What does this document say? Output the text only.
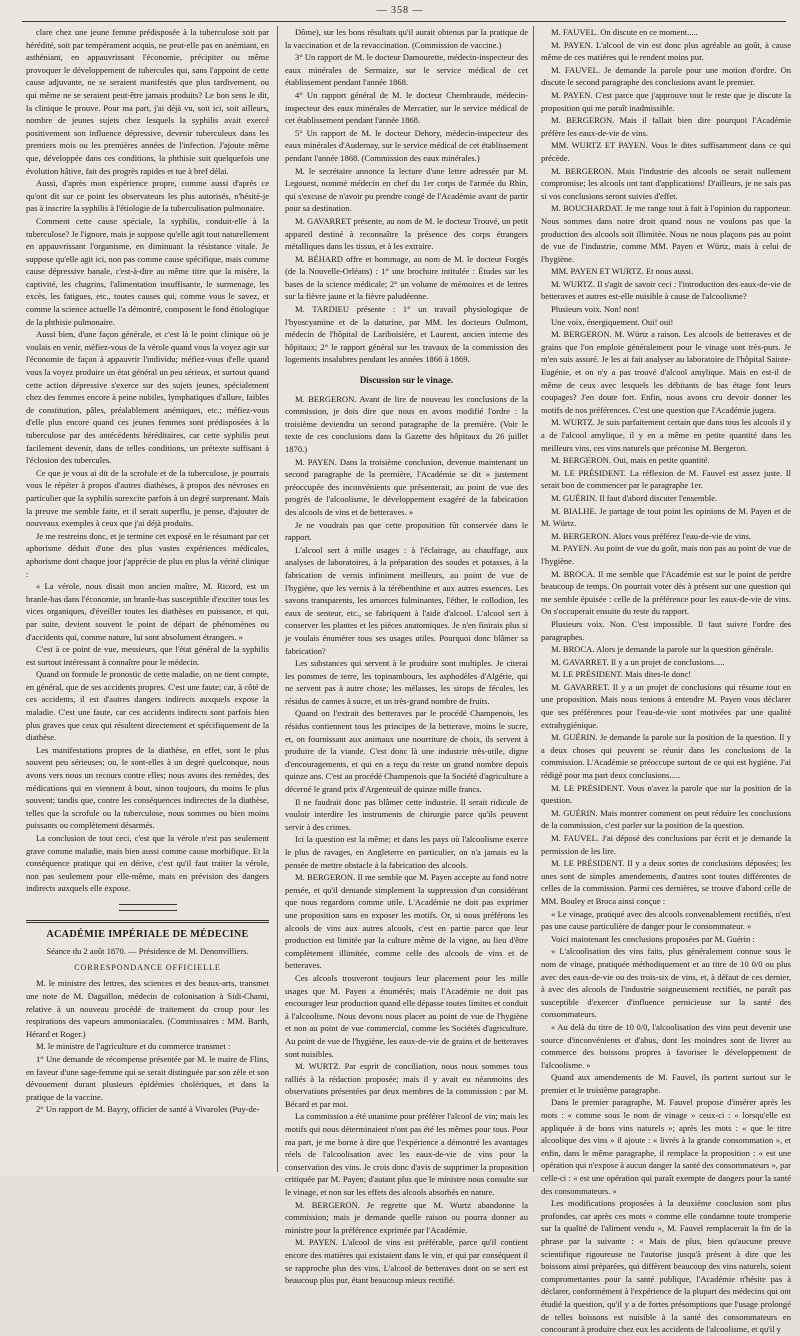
— 358 —

clare chez une jeune femme prédisposée à la tuberculose soit par hérédité, soit par tempérament acquis, ne peut-elle pas en anémiant, en asthéniant, en appauvrissant l'économie, précipiter ou même provoquer le développement de tubercules qui, sans l'appoint de cette cause adjuvante, ne se seraient manifestés que plus tardivement, ou qui même ne se seraient peut-être jamais produits? Le bon sens le dit, la clinique le prouve. Pour ma part, j'ai déjà vu, soit ici, soit ailleurs, nombre de jeunes sujets chez lesquels la syphilis avait exercé positivement son influence dépressive, devenir tuberculeux dans les premiers mois ou les premières années de l'infection. J'ajoute même que, développée dans ces conditions, la phthisie suit quelquefois une évolution hâtive, fait des progrès rapides et tue à bref délai.

Aussi, d'après mon expérience propre, comme aussi d'après ce qu'ont dit sur ce point les observateurs les plus autorisés, n'hésité-je pas à inscrire la syphilis à l'étiologie de la tuberculisation pulmonaire.

Comment cette cause spéciale, la syphilis, conduit-elle à la tuberculose? Je l'ignore, mais je suppose qu'elle agit tout naturellement en appauvrissant l'organisme, en diminuant la résistance vitale. Je suppose qu'elle agit ici, non pas comme cause spécifique, mais comme cause dépressive banale, c'est-à-dire au même titre que la misère, la captivité, les chagrins, l'alimentation insuffisante, le surmenage, les excès, les fatigues, etc., toutes causes qui, comme vous le savez, et comme la science actuelle l'a démontré, composent le fond étiologique de la phthisie pulmonaire.

Aussi bien, d'une façon générale, et c'est là le point clinique où je voulais en venir, méfiez-vous de la vérole quand vous la voyez agir sur l'économie de façon à appauvrir l'individu; méfiez-vous d'elle quand vous la voyez produire un état général un peu sérieux, et surtout quand cette action dépressive s'exerce sur des sujets jeunes, spécialement chez des femmes encore à peine nubiles, lymphatiques d'allure, faibles de constitution, pâles, préalablement anémiques, etc.; méfiez-vous d'elle plus encore quand ces jeunes femmes sont prédisposées à la tuberculose par des antécédents héréditaires, car cette syphilis peut facilement devenir, dans de telles conditions, un prétexte suffisant à l'éclosion des tubercules.

Ce que je vous ai dit de la scrofule et de la tuberculose, je pourrais vous le répéter à propos d'autres diathèses, à propos des névroses en particulier que la syphilis surexcite parfois à un degré surprenant. Mais la preuve me semble faite, et il serait superflu, je pense, d'ajouter de nouveaux exemples à ceux que j'ai déjà produits.

Je me restreins donc, et je termine cet exposé en le résumant par cet aphorisme déduit d'une des plus vastes expériences médicales, aphorisme dont chaque jour j'apprécie de plus en plus la vérité clinique :

« La vérole, nous disait mon ancien maître, M. Ricord, est un branle-bas dans l'économie, un branle-bas susceptible d'exciter tous les vices organiques, d'éveiller toutes les diathèses en puissance, et qui, par suite, devient souvent le point de départ de phénomènes ou d'accidents qui, comme nature, lui sont absolument étrangers. »

C'est à ce point de vue, messieurs, que l'état général de la syphilis est surtout intéressant à connaître pour le médecin.

Quand on formule le pronostic de cette maladie, on ne tient compte, en général, que de ses accidents propres. C'est une faute; car, à côté de ces accidents, il est d'autres dangers indirects auxquels expose la maladie. C'est une faute, car ces accidents indirects sont parfois bien plus graves que ceux qui résultent directement et spécifiquement de la diathèse.

Les manifestations propres de la diathèse, en effet, sont le plus souvent peu sérieuses; ou, le sont-elles à un degré quelconque, nous avons vers nous un recours contre elles; nous avons des remèdes, des médications qui en viennent à bout, sinon toujours, du moins le plus souvent; tandis que, contre les conséquences indirectes de la diathèse, telles que la scrofule ou la tuberculose, nous sommes ou bien moins puissants ou complètement désarmés.

La conclusion de tout ceci, c'est que la vérole n'est pas seulement grave comme maladie, mais bien aussi comme cause morbifique. Et la conséquence pratique qui en dérive, c'est qu'il faut traiter la vérole, non pas seulement pour elle-même, mais en prévision des dangers indirects auxquels elle expose.

ACADÉMIE IMPÉRIALE DE MÉDECINE

Séance du 2 août 1870. — Présidence de M. Denonvilliers.

CORRESPONDANCE OFFICIELLE

M. le ministre des lettres, des sciences et des beaux-arts, transmet une note de M. Daguillon, médecin de colonisation à Sidi-Chami, relative à un nouveau procédé de traitement du croup pour les respirations des vapeurs ammoniacales. (Commissaires : MM. Barth, Hérard et Roger.)

M. le ministre de l'agriculture et du commerce transmet :

1° Une demande de récompense présentée par M. le maire de Flins, en faveur d'une sage-femme qui se serait distinguée par son zèle et son dévouement durant plusieurs épidémies cholériques, et dans la pratique de la vaccine.

2° Un rapport de M. Bayry, officier de santé à Vivaroles (Puy-de-

Dôme), sur les bons résultats qu'il aurait obtenus par la pratique de la vaccination et de la revaccination. (Commission de vaccine.)

3° Un rapport de M. le docteur Damourette, médecin-inspecteur des eaux minérales de Sermaize, sur le service médical de cet établissement pendant l'année 1868.

4° Un rapport général de M. le docteur Chembraude, médecin-inspecteur des eaux minérales de Mercatier, sur le service médical de cet établissement pendant l'année 1868.

5° Un rapport de M. le docteur Dehory, médecin-inspecteur des eaux minérales d'Audernay, sur le service médical de cet établissement pendant l'année 1868. (Commission des eaux minérales.)

M. le secrétaire annonce la lecture d'une lettre adressée par M. Legouest, nommé médecin en chef du 1er corps de l'armée du Rhin, qui s'excuse de n'avoir pu prendre congé de l'Académie avant de partir pour sa destination.

M. GAVARRET présente, au nom de M. le docteur Trouvé, un petit appareil destiné à reconnaître la présence des corps étrangers métalliques dans les tissus, et à les extraire.

M. BÉHARD offre et hommage, au nom de M. le docteur Forgès (de la Nouvelle-Orléans) : 1° une brochure intitulée : Études sur les bases de la science médicale; 2° un volume de mémoires et de lettres sur la fièvre jaune et la fièvre paludéenne.

M. TARDIEU présente : 1° un travail physiologique de l'hyoscyamine et de la daturine, par MM. les docteurs Oulmont, médecin de l'hôpital de Lariboisière, et Laurent, ancien interne des hôpitaux; 2° le rapport général sur les travaux de la commission des logements insalubres pendant les années 1866 à 1869.

Discussion sur le vinage.

M. BERGERON. Avant de lire de nouveau les conclusions de la commission, je dois dire que nous en avons modifié l'ordre : la troisième deviendra un second paragraphe de la première. (Voir le texte de ces conclusions dans la Gazette des hôpitaux du 26 juillet 1870.)

M. PAYEN. Dans la troisième conclusion, devenue maintenant un second paragraphe de la première, l'Académie se dit « justement préoccupée des inconvénients que présenterait, au point de vue des progrès de l'alcoolisme, le développement exagéré de la fabrication des alcools de vins et de betteraves. »

Je ne voudrais pas que cette proposition fût conservée dans le rapport.

L'alcool sert à mille usages : à l'éclairage, au chauffage, aux analyses de laboratoires, à la préparation des soudes et potasses, à la fabrication de vernis infiniment meilleurs, au point de vue de l'hygiène, que les vernis à la térébenthine et aux autres essences. Les savons transparents, les amorces fulminantes, l'éther, le collodion, les eaux de senteur, etc., se fabriquent à l'aide d'alcool. L'alcool sert à conserver les plantes et les pièces anatomiques. Je n'en finirais plus si je voulais énumérer tous ses usages utiles. Pourquoi donc blâmer sa fabrication?

Les substances qui servent à le produire sont multiples. Je citerai les pommes de terre, les topinambours, les asphodèles d'Algérie, qui ne servent pas à autre chose; les mélasses, les sirops de fécules, les résidus de cannes à sucre, et un très-grand nombre de fruits.

Quand on l'extrait des betteraves par le procédé Champenois, les résidus contiennent tous les principes de la betterave, moins le sucre, et, on fournissant aux animaux une nourriture de choix, ils servent à produire de la viande. C'est donc là une industrie très-utile, digne d'encouragements, et qui en a reçu du reste un grand nombre depuis quinze ans. C'est au procédé Champenois que la Société d'agriculture a décerné le grand prix d'Argenteuil de quinze mille francs.

Il ne faudrait donc pas blâmer cette industrie. Il serait ridicule de vouloir interdire les instruments de chirurgie parce qu'ils peuvent servir à des crimes.

Ici la question est la même; et dans les pays où l'alcoolisme exerce le plus de ravages, en Angleterre en particulier, on n'a jamais eu la pensée de mettre obstacle à la fabrication des alcools.

M. BERGERON. Il me semble que M. Payen accepte au fond notre pensée, et qu'il demande simplement la suppression d'un considérant que nous regardons comme utile. L'Académie ne doit pas exprimer une proposition sans en exposer les motifs. Or, si nous préférons les alcools de vins aux autres alcools, c'est en partie parce que leur production est limitée par la culture même de la vigne, au lieu d'être complètement illimitée, comme celle des alcools de vins et de betteraves.

Ces alcools trouveront toujours leur placement pour les mille usages que M. Payen a énumérés; mais l'Académie ne doit pas encourager leur production quand elle dépasse toutes limites et conduit à l'alcoolisme. Nous devons nous placer au point de vue de l'hygiène et non au point de vue commercial, comme les Sociétés d'agriculture. Au point de vue de l'hygiène, les eaux-de-vie de grains et de betteraves sont nuisibles.

M. WURTZ. Par esprit de conciliation, nous nous sommes tous ralliés à la rédaction proposée; mais il y avait eu néanmoins des observations présentées par deux membres de la commission : par M. Bécard et par moi.

La commission a été unanime pour préférer l'alcool de vin; mais les motifs qui nous déterminaient n'ont pas été les mêmes pour tous. Pour ma part, je me borne à dire que l'expérience a démontré les avantages réels de l'alcoolisation avec les eaux-de-vie de vins pour la conservation des vins. Je crois donc d'avis de supprimer la proposition critiquée par M. Payen; d'autant plus que le ministre nous consulte sur le vinage, et non sur les effets des alcools absorbés en nature.

M. BERGERON. Je regrette que M. Wurtz abandonne la commission; mais je demande quelle raison ou pourra donner au ministre pour la préférence exprimée par l'Académie.

M. PAYEN. L'alcool de vins est préférable, parce qu'il contient encore des matières qui existaient dans le vin, et qui par conséquent il se rapproche plus des vins. L'alcool de betteraves dont on se sert est beaucoup plus pur, étant beaucoup mieux rectifié.

M. FAUVEL. On discute en ce moment.....

M. PAYEN. L'alcool de vin est donc plus agréable au goût, à cause même de ces matières qui le rendent moins pur.

M. FAUVEL. Je demande la parole pour une motion d'ordre. On discute le second paragraphe des conclusions avant le premier.

M. PAYEN. C'est parce que j'approuve tout le reste que je discute la proposition qui me paraît inadmissible.

M. BERGERON. Mais il fallait bien dire pourquoi l'Académie préfère les eaux-de-vie de vins.

MM. WURTZ ET PAYEN. Vous le dites suffisamment dans ce qui précède.

M. BERGERON. Mais l'industrie des alcools ne serait nullement compromise; les alcools ont tant d'applications! D'ailleurs, je ne sais pas si vos conclusions seront suivies d'effet.

M. BOUCHARDAT. Je me range tout à fait à l'opinion du rapporteur. Nous sommes dans notre droit quand nous ne voulons pas que la production des alcools soit illimitée. Nous ne nous plaçons pas au point de vue de l'industrie, comme MM. Payen et Würtz, mais à celui de l'hygiène.

MM. PAYEN ET WURTZ. Et nous aussi.

M. WURTZ. Il s'agit de savoir ceci : l'introduction des eaux-de-vie de betteraves et autres est-elle nuisible à cause de l'alcoolisme?

Plusieurs voix. Non! non!

Une voix, énergiquement. Oui! oui!

M. BERGERON. M. Würtz a raison. Les alcools de betteraves et de grains que l'on emploie généralement pour le vinage sont très-purs. Je m'en suis assuré. Je les ai fait analyser au laboratoire de l'hôpital Sainte-Eugénie, et on n'y a pas trouvé d'alcool amylique. Mais en est-il de même de ceux avec lesquels les débitants de bas étage font leurs coupages? J'en doute fort. Enfin, nous avons cru devoir donner les motifs de nos préférences. C'est une question que l'Académie jugera.

M. WURTZ. Je suis parfaitement certain que dans tous les alcools il y a de l'alcool amylique, il y en a même en petite quantité dans les meilleurs vins, ces vins naturels que préconise M. Bergeron.

M. BERGERON. Oui, mais en petite quantité.

M. LE PRÉSIDENT. La réflexion de M. Fauvel est assez juste. Il serait bon de commencer par le paragraphe 1er.

M. GUÉRIN. Il faut d'abord discuter l'ensemble.

M. BIALHE. Je partage de tout point les opinions de M. Payen et de M. Würtz.

M. BERGERON. Alors vous préférez l'eau-de-vie de vins.

M. PAYEN. Au point de vue du goût, mais non pas au point de vue de l'hygiène.

M. BROCA. Il me semble que l'Académie est sur le point de perdre beaucoup de temps. On pourrait voter dès à présent sur une question qui me semble épuisée : celle de la préférence pour les eaux-de-vie de vins. On s'occuperait ensuite du reste du rapport.

Plusieurs voix. Non. C'est impossible. Il faut suivre l'ordre des paragraphes.

M. BROCA. Alors je demande la parole sur la question générale.

M. GAVARRET. Il y a un projet de conclusions.....

M. LE PRÉSIDENT. Mais dites-le donc!

M. GAVARRET. Il y a un projet de conclusions qui résume tout en une proposition. Mais nous tenions à entendre M. Payen vous déclarer que ses préférences pour l'eau-de-vie sont motivées par une qualité extrahygiénique.

M. GUÉRIN. Je demande la parole sur la position de la question. Il y a deux choses qui peuvent se réunir dans les conclusions de la commission. L'Académie se préoccupe surtout de ce qui est hygiène. J'ai rédigé pour ma part deux conclusions.....

M. LE PRÉSIDENT. Vous n'avez la parole que sur la position de la question.

M. GUÉRIN. Mais montrer comment on peut réduire les conclusions de la commission, c'est parler sur la position de la question.

M. FAUVEL. J'ai déposé des conclusions par écrit et je demande la permission de les lire.

M. LE PRÉSIDENT. Il y a deux sortes de conclusions déposées; les unes sont de simples amendements, d'autres sont toutes différentes de celles de la commission. Parmi ces dernières, se trouve d'abord celle de MM. Bouley et Broca ainsi conçue :

« Le vinage, pratiqué avec des alcools convenablement rectifiés, n'est pas une cause particulière de danger pour le consommateur. »

Voici maintenant les conclusions proposées par M. Guérin :

« L'alcoolisation des vins faits, plus généralement connue sous le nom de vinage, pratiquée méthodiquement et au titre de 10 0/0 ou plus avec des eaux-de-vie ou des trois-six de vins, et, à défaut de ces dernier, à avec des alcools de l'industrie soigneusement rectifiés, ne paraît pas susceptible d'exercer d'influence pernicieuse sur la santé des consommateurs.

« Au delà du titre de 10 0/0, l'alcoolisation des vins peut devenir une source d'inconvénients et d'abus, dont les moindres sont de livrer au commerce des boissons propres à favoriser le développement de l'alcoolisme. »

Quand aux amendements de M. Fauvel, ils portent surtout sur le premier et le troisième paragraphe.

Dans le premier paragraphe, M. Fauvel propose d'insérer après les mots : « comme sous le nom de vinage » ceux-ci : « lorsqu'elle est appliquée à de bons vins naturels »; après les mots : « que le titre alcoolique des vins » il ajoute : « livrés à la grande consommation », et enfin, dans le même paragraphe, il remplace la proposition : « est une opération qui n'expose à aucun danger la santé des consommateurs », par celle-ci : « est une opération qui paraît exempte de dangers pour la santé des consommateurs. »

Les modifications proposées à la deuxième conclusion sont plus profondes, car après ces mots « comme elle condamne toute tromperie sur la qualité de l'aliment vendu », M. Fauvel remplacerait la fin de la phrase par la suivante : « Mais de plus, bien qu'aucune preuve scientifique rigoureuse ne l'autorise jusqu'à présent à dire que les boissons ainsi préparées, qui diffèrent beaucoup des vins naturels, soient compromettantes pour la santé publique, l'Académie n'hésite pas à déclarer, conformément à l'expérience de la plupart des médecins qui ont étudié la question, qu'il y a de fortes présomptions que l'usage prolongé de telles boissons est nuisible à la santé des consommateurs en concourant à produire chez eux les accidents de l'alcoolisme, et qu'il y
